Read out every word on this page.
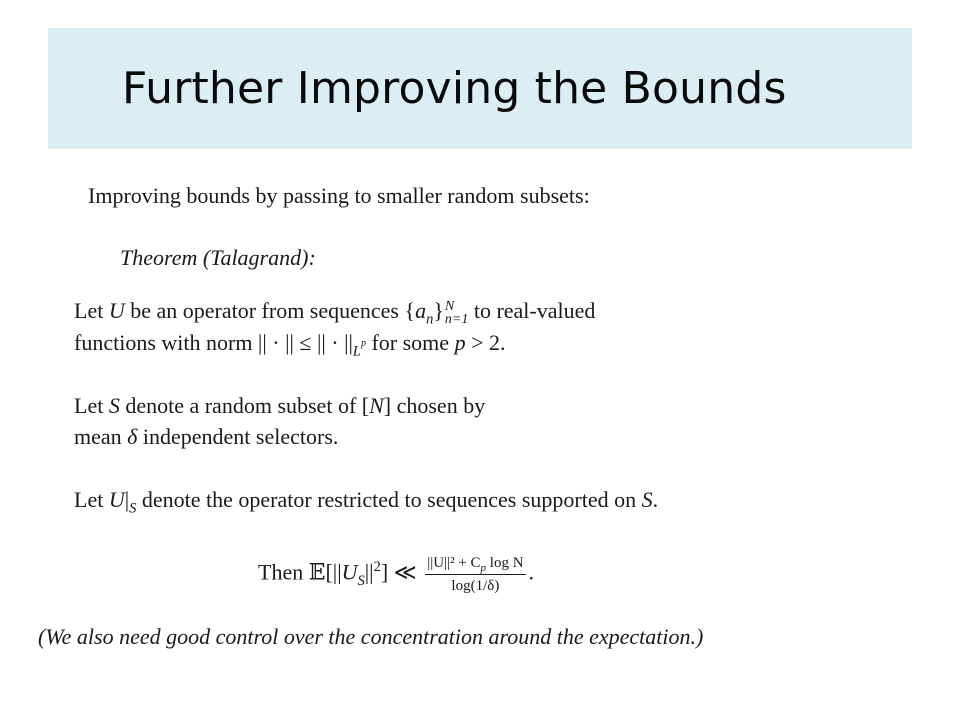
Further Improving the Bounds
Improving bounds by passing to smaller random subsets:
Theorem (Talagrand):
Let U be an operator from sequences $\{a_n\}$ N
n=1 to real-valued
functions with norm || · || ≤ || · $||_L^p$ for some p > 2.
Let S denote a random subset of [N] chosen by
mean δ independent selectors.
Let $U|_S$ denote the operator restricted to sequences supported on S.
Then $𝔼[||U_S||^2]$ ≪ $\frac{||U||^2 + C_p \log N}{\log(1/\delta)}$ .
(We also need good control over the concentration around the expectation.)
